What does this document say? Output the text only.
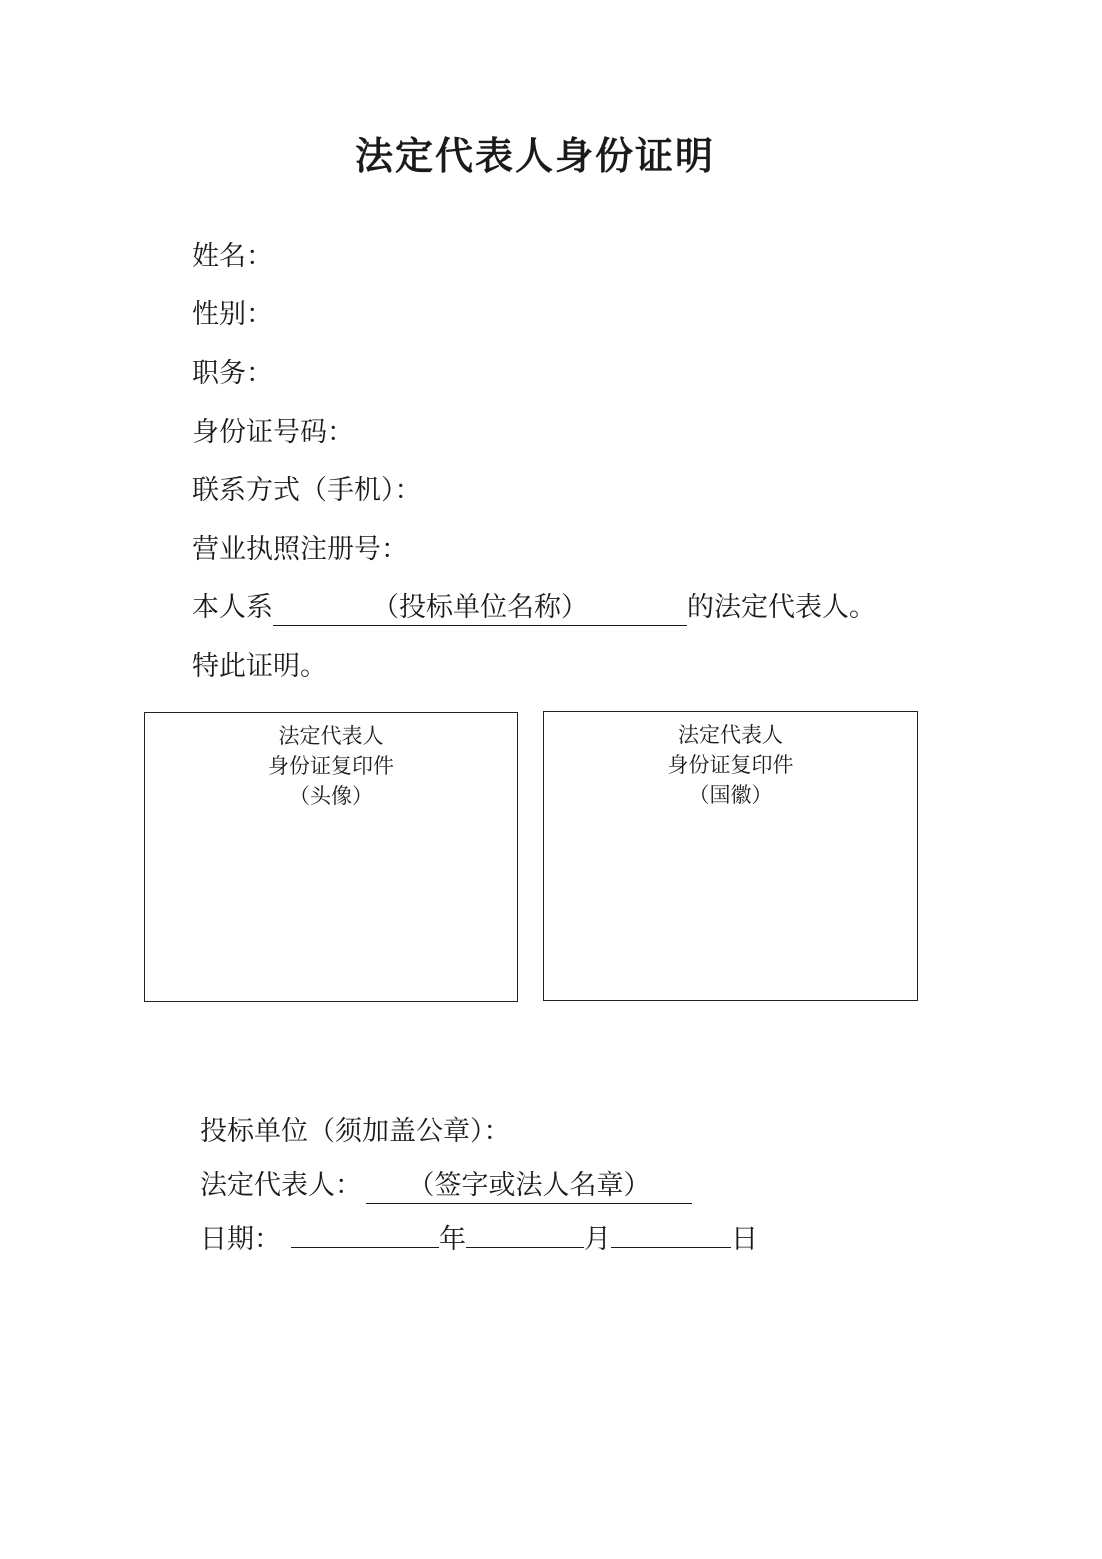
法定代表人身份证明
姓名：
性别：
职务：
身份证号码：
联系方式（手机）：
营业执照注册号：
本人系	（投标单位名称）	的法定代表人。
特此证明。
法定代表人
身份证复印件
（头像）
法定代表人
身份证复印件
（国徽）
投标单位（须加盖公章）：
法定代表人： （签字或法人名章）
日期：	年	月	日
